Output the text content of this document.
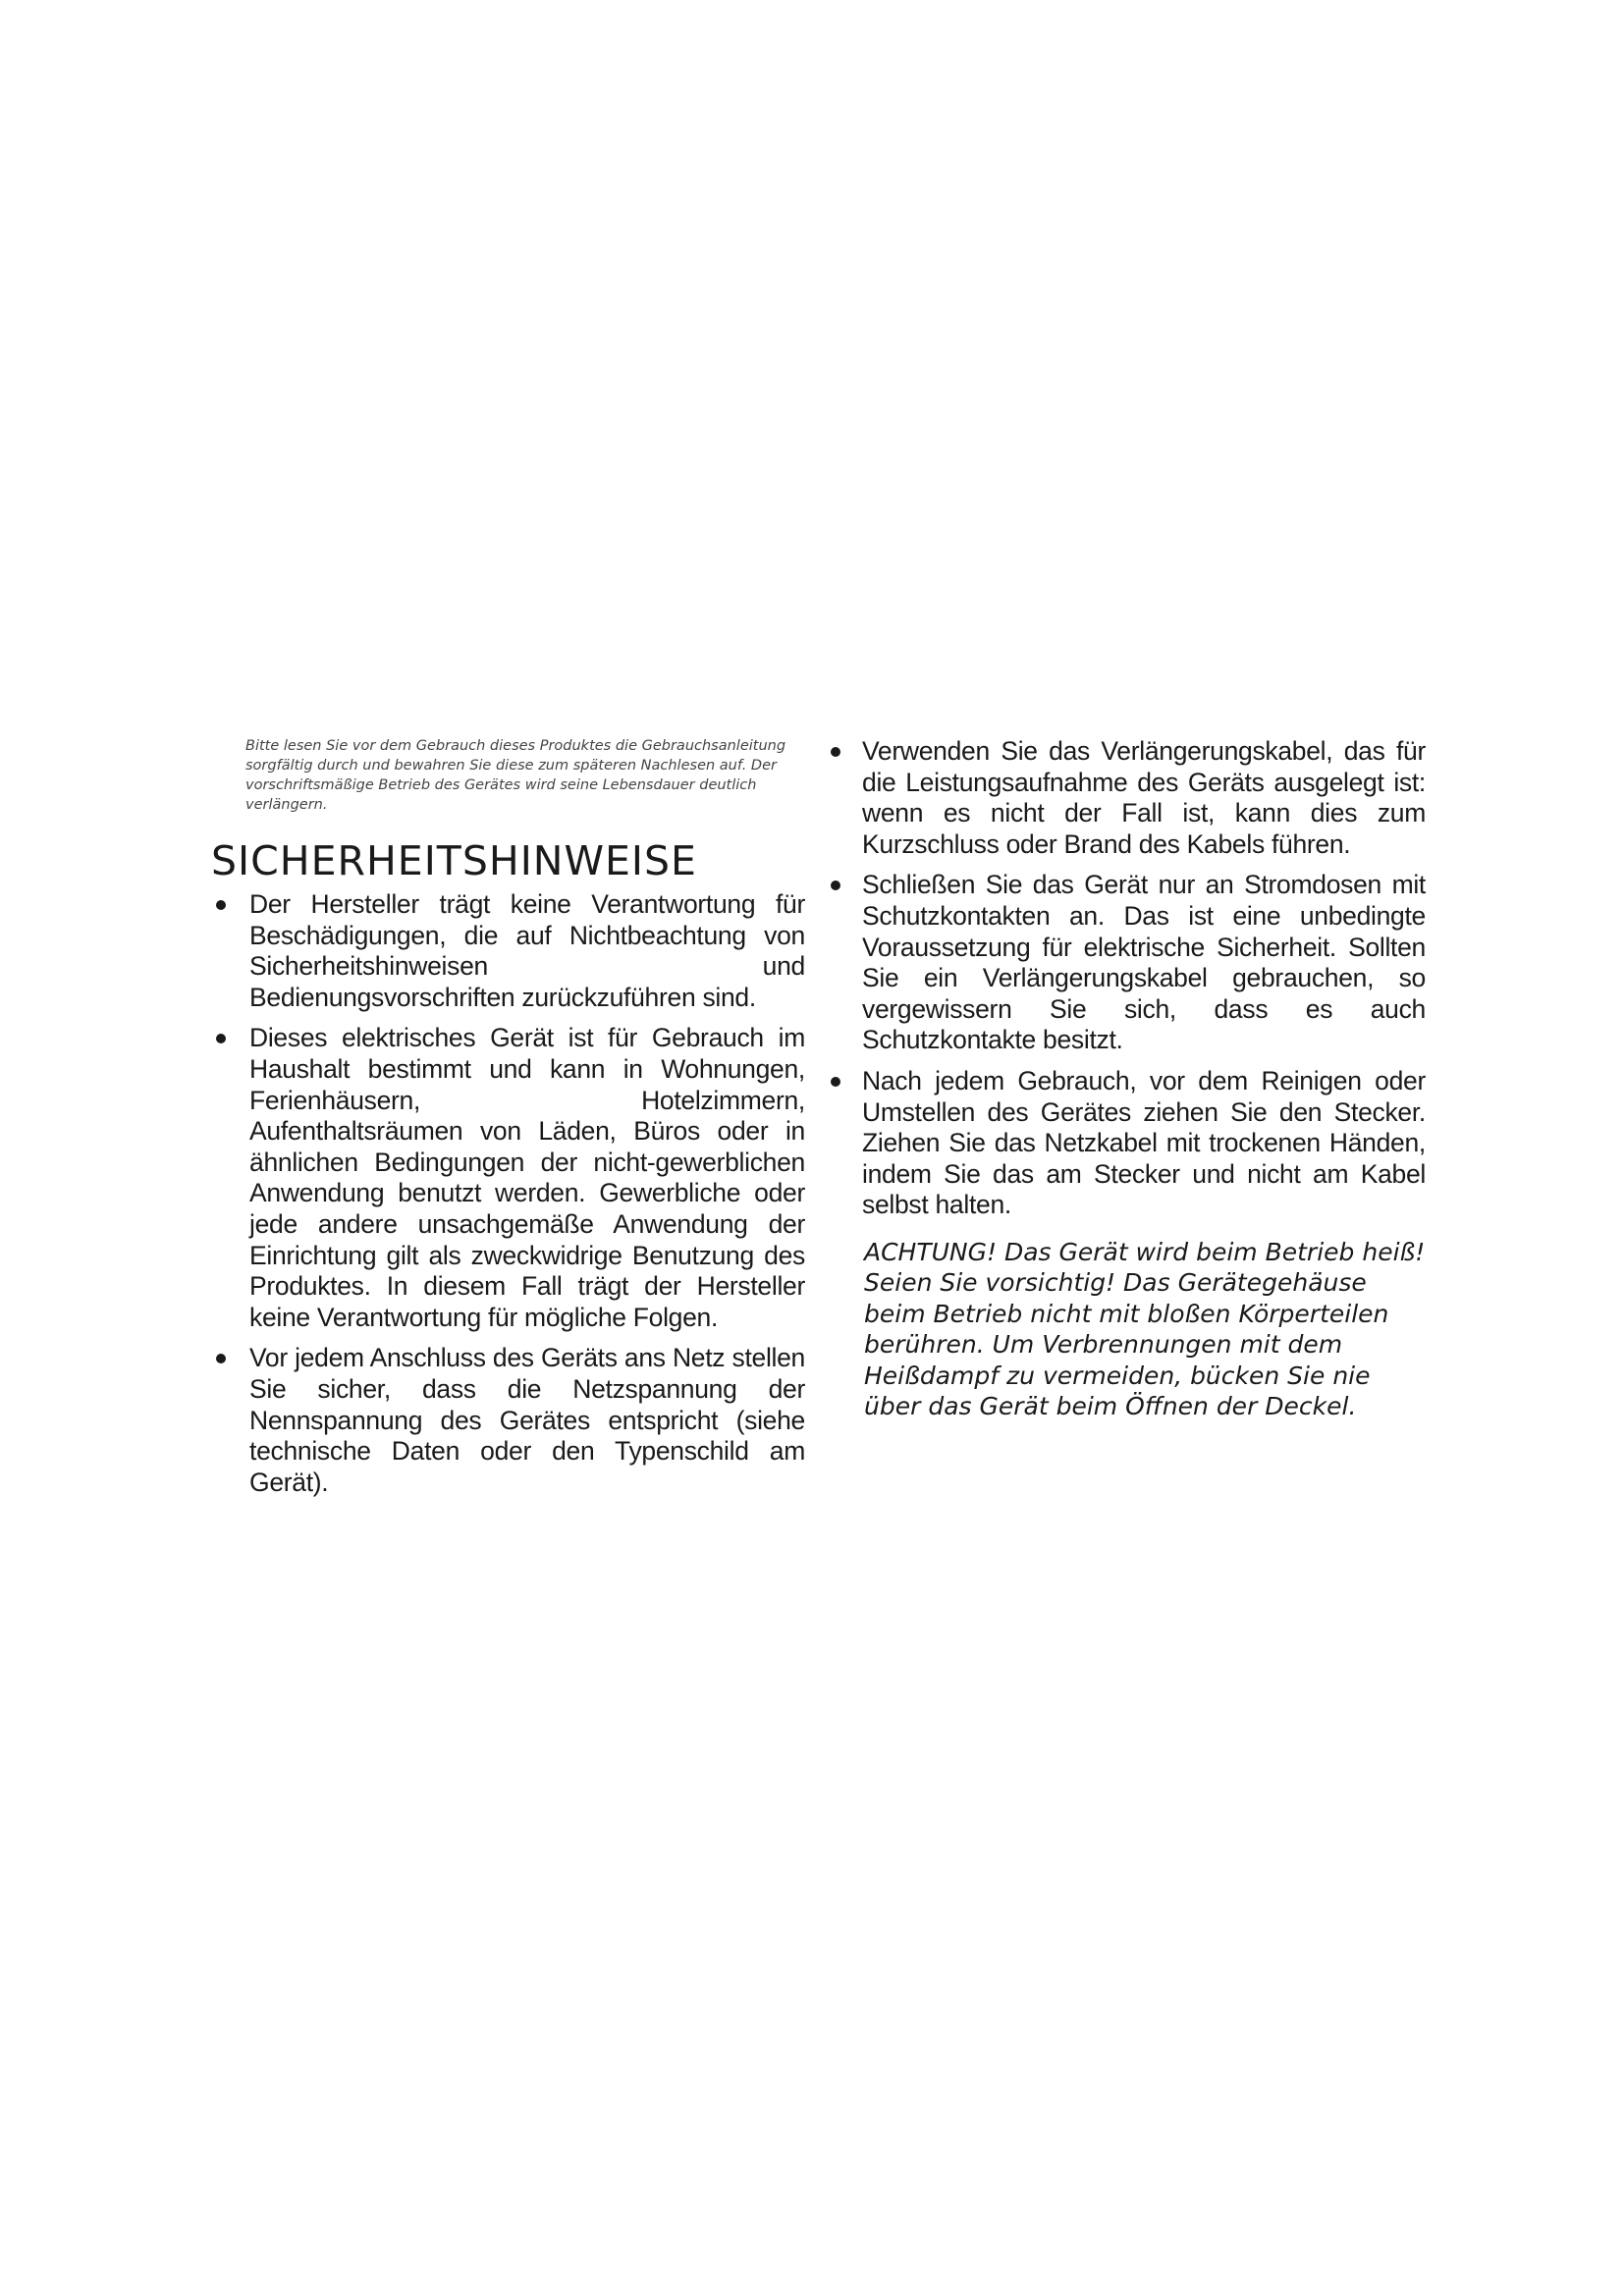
Bitte lesen Sie vor dem Gebrauch dieses Produktes die Gebrauchsanleitung sorgfältig durch und bewahren Sie diese zum späteren Nachlesen auf. Der vorschriftsmäßige Betrieb des Gerätes wird seine Lebensdauer deutlich verlängern.

SICHERHEITSHINWEISE
Der Hersteller trägt keine Verantwortung für Beschädigungen, die auf Nichtbeachtung von Sicherheitshinweisen und Bedienungsvorschriften zurückzuführen sind.
Dieses elektrisches Gerät ist für Gebrauch im Haushalt bestimmt und kann in Wohnungen, Ferienhäusern, Hotelzimmern, Aufenthaltsräumen von Läden, Büros oder in ähnlichen Bedingungen der nicht-gewerblichen Anwendung benutzt werden. Gewerbliche oder jede andere unsachgemäße Anwendung der Einrichtung gilt als zweckwidrige Benutzung des Produktes. In diesem Fall trägt der Hersteller keine Verantwortung für mögliche Folgen.
Vor jedem Anschluss des Geräts ans Netz stellen Sie sicher, dass die Netzspannung der Nennspannung des Gerätes entspricht (siehe technische Daten oder den Typenschild am Gerät).
Verwenden Sie das Verlängerungskabel, das für die Leistungsaufnahme des Geräts ausgelegt ist: wenn es nicht der Fall ist, kann dies zum Kurzschluss oder Brand des Kabels führen.
Schließen Sie das Gerät nur an Stromdosen mit Schutzkontakten an. Das ist eine unbedingte Voraussetzung für elektrische Sicherheit. Sollten Sie ein Verlängerungskabel gebrauchen, so vergewissern Sie sich, dass es auch Schutzkontakte besitzt.
Nach jedem Gebrauch, vor dem Reinigen oder Umstellen des Gerätes ziehen Sie den Stecker. Ziehen Sie das Netzkabel mit trockenen Händen, indem Sie das am Stecker und nicht am Kabel selbst halten.

ACHTUNG! Das Gerät wird beim Betrieb heiß! Seien Sie vorsichtig! Das Gerätegehäuse beim Betrieb nicht mit bloßen Körperteilen berühren. Um Verbrennungen mit dem Heißdampf zu vermeiden, bücken Sie nie über das Gerät beim Öffnen der Deckel.
